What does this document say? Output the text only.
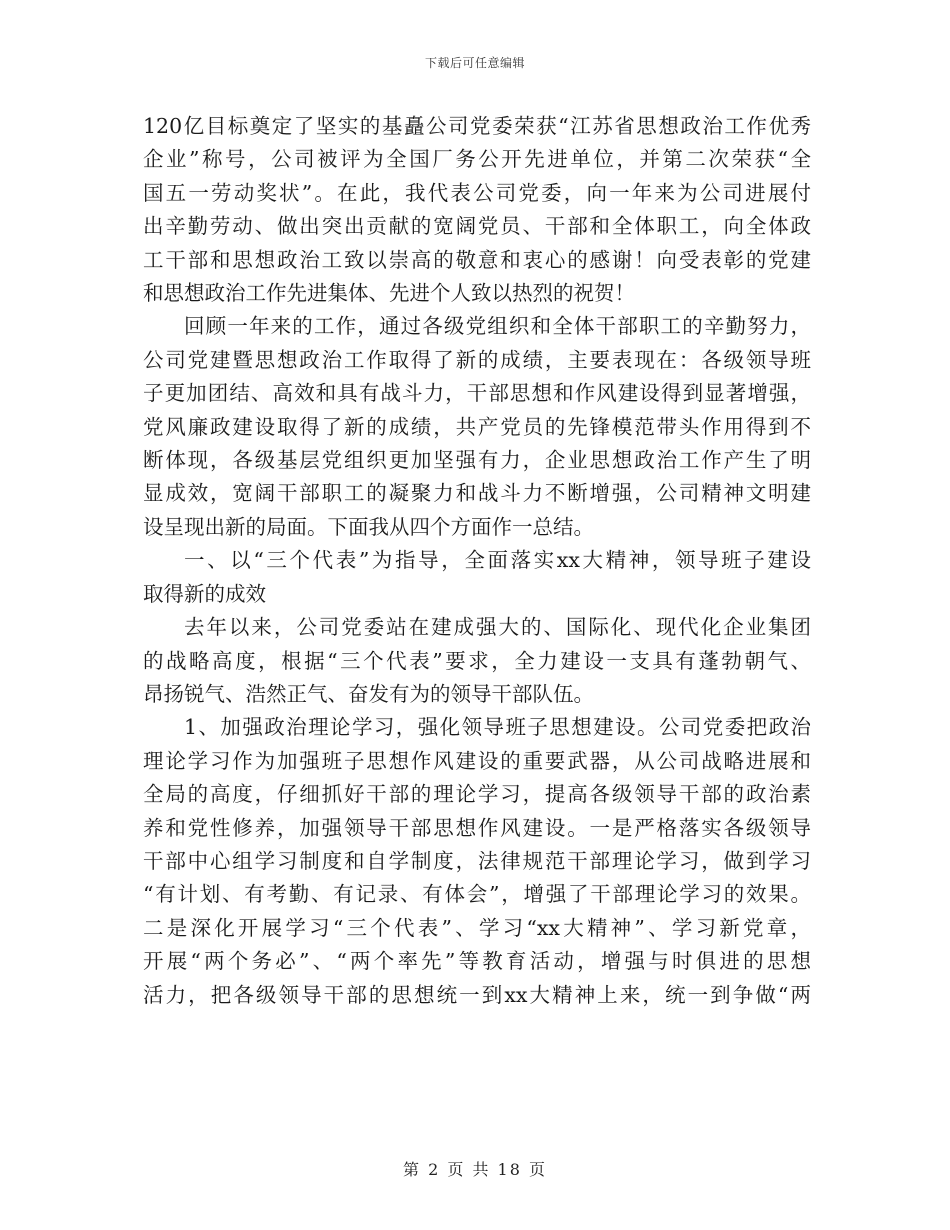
下载后可任意编辑
120亿目标奠定了坚实的基矗公司党委荣获“江苏省思想政治工作优秀
企业”称号，公司被评为全国厂务公开先进单位，并第二次荣获“全
国五一劳动奖状”。在此，我代表公司党委，向一年来为公司进展付
出辛勤劳动、做出突出贡献的宽阔党员、干部和全体职工，向全体政
工干部和思想政治工致以崇高的敬意和衷心的感谢！向受表彰的党建
和思想政治工作先进集体、先进个人致以热烈的祝贺！
回顾一年来的工作，通过各级党组织和全体干部职工的辛勤努力，
公司党建暨思想政治工作取得了新的成绩，主要表现在：各级领导班
子更加团结、高效和具有战斗力，干部思想和作风建设得到显著增强，
党风廉政建设取得了新的成绩，共产党员的先锋模范带头作用得到不
断体现，各级基层党组织更加坚强有力，企业思想政治工作产生了明
显成效，宽阔干部职工的凝聚力和战斗力不断增强，公司精神文明建
设呈现出新的局面。下面我从四个方面作一总结。
一、以“三个代表”为指导，全面落实xx大精神，领导班子建设
取得新的成效
去年以来，公司党委站在建成强大的、国际化、现代化企业集团
的战略高度，根据“三个代表”要求，全力建设一支具有蓬勃朝气、
昂扬锐气、浩然正气、奋发有为的领导干部队伍。
1、加强政治理论学习，强化领导班子思想建设。公司党委把政治
理论学习作为加强班子思想作风建设的重要武器，从公司战略进展和
全局的高度，仔细抓好干部的理论学习，提高各级领导干部的政治素
养和党性修养，加强领导干部思想作风建设。一是严格落实各级领导
干部中心组学习制度和自学制度，法律规范干部理论学习，做到学习
“有计划、有考勤、有记录、有体会”，增强了干部理论学习的效果。
二是深化开展学习“三个代表”、学习“xx大精神”、学习新党章，
开展“两个务必”、“两个率先”等教育活动，增强与时俱进的思想
活力，把各级领导干部的思想统一到xx大精神上来，统一到争做“两
第 2 页 共 18 页
